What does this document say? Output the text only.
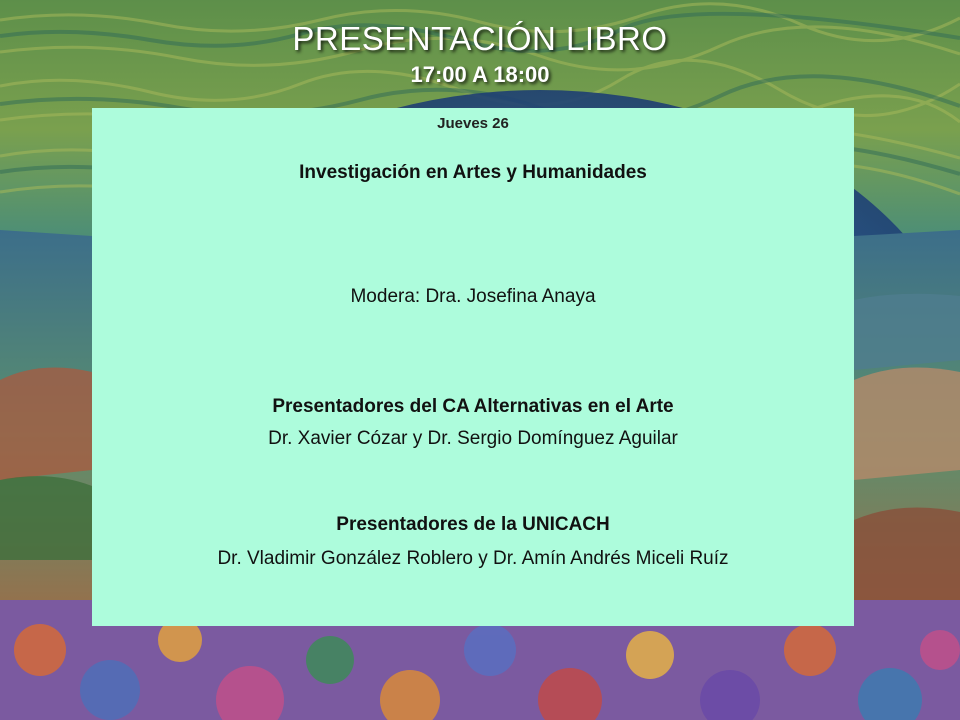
PRESENTACIÓN LIBRO
17:00 A 18:00
Jueves 26
Investigación en Artes y Humanidades
Modera: Dra. Josefina Anaya
Presentadores del CA Alternativas en el Arte
Dr. Xavier Cózar y Dr. Sergio Domínguez Aguilar
Presentadores de la UNICACH
Dr. Vladimir González Roblero y Dr. Amín Andrés Miceli Ruíz
